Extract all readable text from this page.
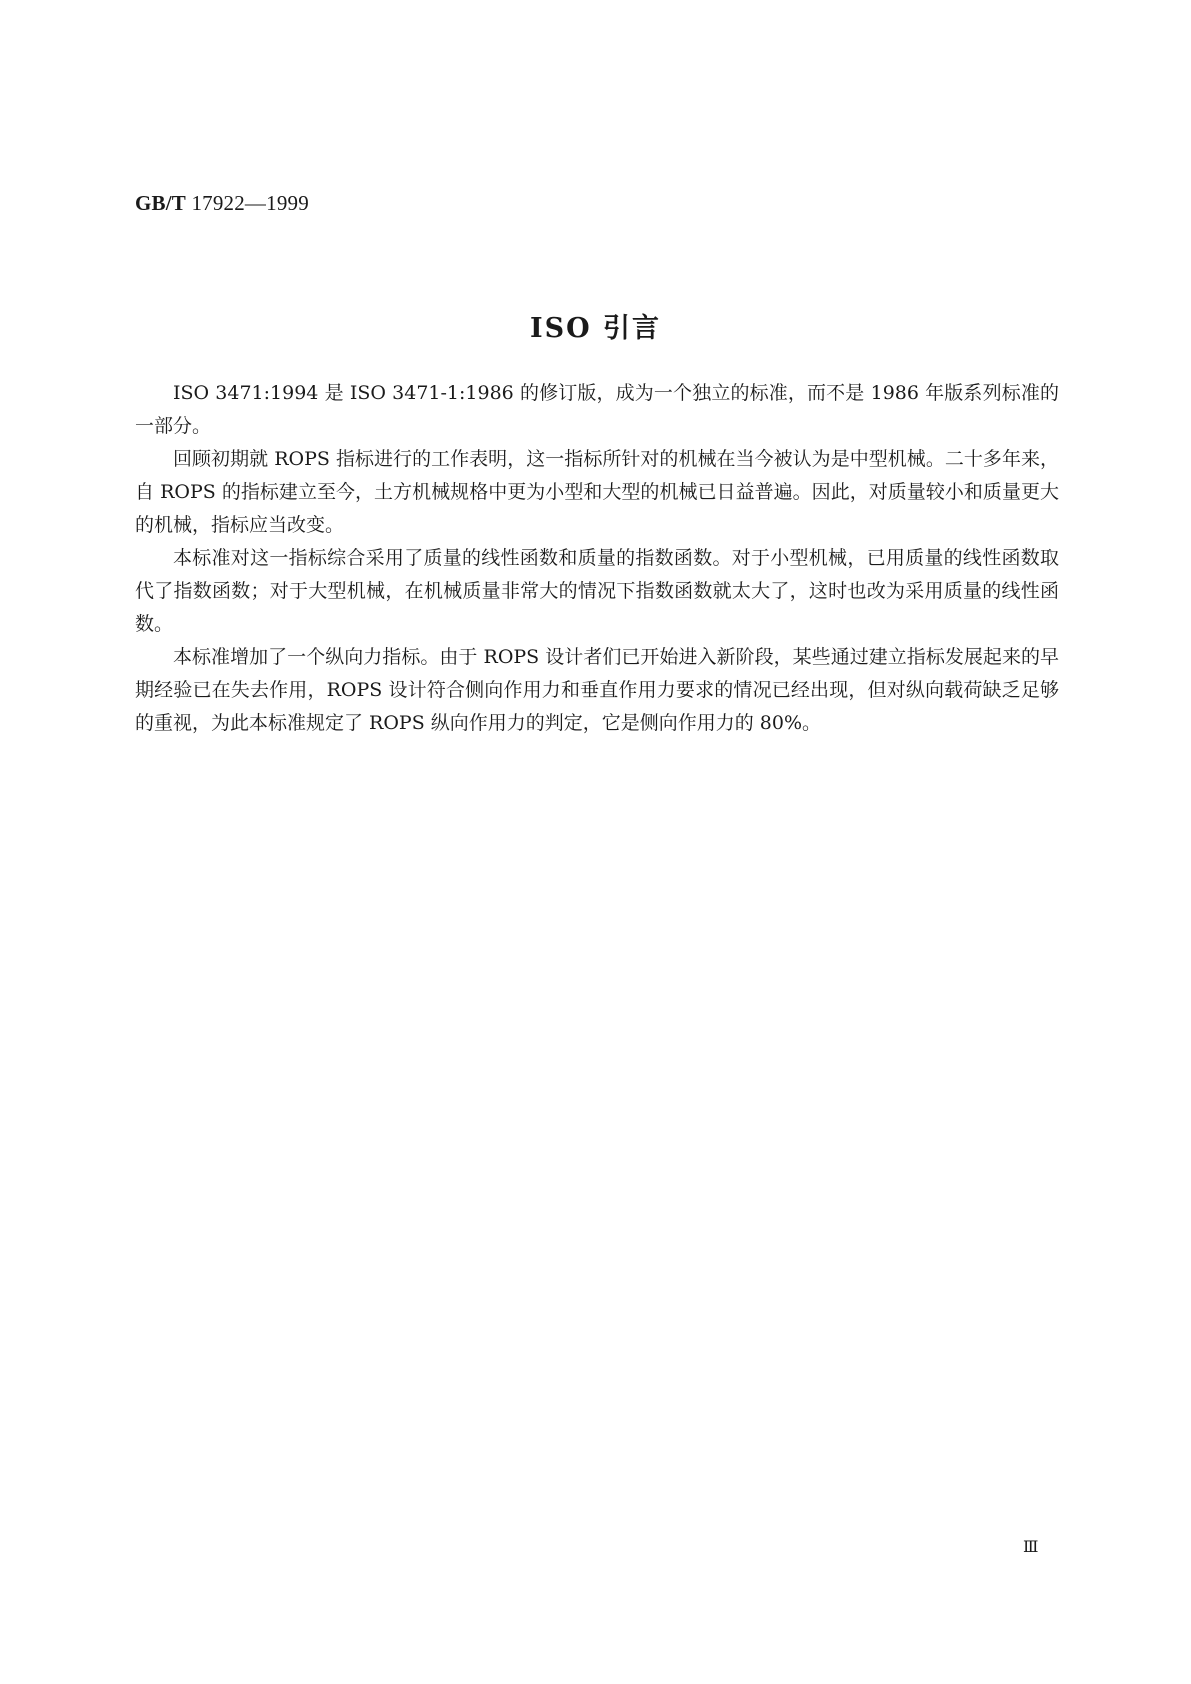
GB/T 17922—1999
ISO 引言

ISO 3471:1994 是 ISO 3471-1:1986 的修订版，成为一个独立的标准，而不是 1986 年版系列标准的一部分。

回顾初期就 ROPS 指标进行的工作表明，这一指标所针对的机械在当今被认为是中型机械。二十多年来，自 ROPS 的指标建立至今，土方机械规格中更为小型和大型的机械已日益普遍。因此，对质量较小和质量更大的机械，指标应当改变。

本标准对这一指标综合采用了质量的线性函数和质量的指数函数。对于小型机械，已用质量的线性函数取代了指数函数；对于大型机械，在机械质量非常大的情况下指数函数就太大了，这时也改为采用质量的线性函数。

本标准增加了一个纵向力指标。由于 ROPS 设计者们已开始进入新阶段，某些通过建立指标发展起来的早期经验已在失去作用，ROPS 设计符合侧向作用力和垂直作用力要求的情况已经出现，但对纵向载荷缺乏足够的重视，为此本标准规定了 ROPS 纵向作用力的判定，它是侧向作用力的 80%。

Ⅲ
